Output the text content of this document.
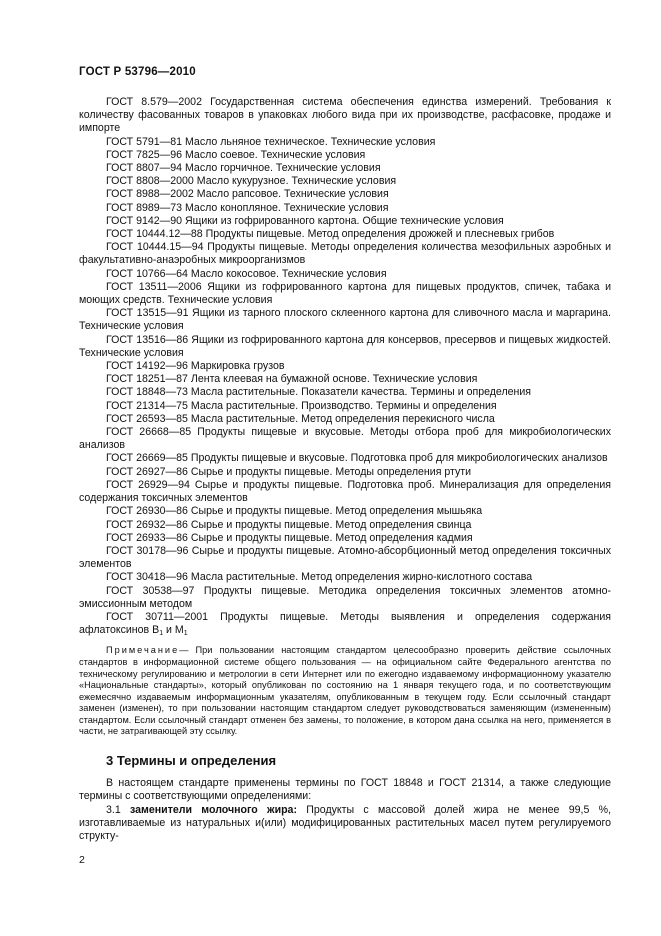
ГОСТ Р 53796—2010

ГОСТ 8.579—2002 Государственная система обеспечения единства измерений. Требования к количеству фасованных товаров в упаковках любого вида при их производстве, расфасовке, продаже и импорте

ГОСТ 5791—81 Масло льняное техническое. Технические условия

ГОСТ 7825—96 Масло соевое. Технические условия

ГОСТ 8807—94 Масло горчичное. Технические условия

ГОСТ 8808—2000 Масло кукурузное. Технические условия

ГОСТ 8988—2002 Масло рапсовое. Технические условия

ГОСТ 8989—73 Масло конопляное. Технические условия

ГОСТ 9142—90 Ящики из гофрированного картона. Общие технические условия

ГОСТ 10444.12—88 Продукты пищевые. Метод определения дрожжей и плесневых грибов

ГОСТ 10444.15—94 Продукты пищевые. Методы определения количества мезофильных аэробных и факультативно-анаэробных микроорганизмов

ГОСТ 10766—64 Масло кокосовое. Технические условия

ГОСТ 13511—2006 Ящики из гофрированного картона для пищевых продуктов, спичек, табака и моющих средств. Технические условия

ГОСТ 13515—91 Ящики из тарного плоского склеенного картона для сливочного масла и маргарина. Технические условия

ГОСТ 13516—86 Ящики из гофрированного картона для консервов, пресервов и пищевых жидкостей. Технические условия

ГОСТ 14192—96 Маркировка грузов

ГОСТ 18251—87 Лента клеевая на бумажной основе. Технические условия

ГОСТ 18848—73 Масла растительные. Показатели качества. Термины и определения

ГОСТ 21314—75 Масла растительные. Производство. Термины и определения

ГОСТ 26593—85 Масла растительные. Метод определения перекисного числа

ГОСТ 26668—85 Продукты пищевые и вкусовые. Методы отбора проб для микробиологических анализов

ГОСТ 26669—85 Продукты пищевые и вкусовые. Подготовка проб для микробиологических анализов

ГОСТ 26927—86 Сырье и продукты пищевые. Методы определения ртути

ГОСТ 26929—94 Сырье и продукты пищевые. Подготовка проб. Минерализация для определения содержания токсичных элементов

ГОСТ 26930—86 Сырье и продукты пищевые. Метод определения мышьяка

ГОСТ 26932—86 Сырье и продукты пищевые. Метод определения свинца

ГОСТ 26933—86 Сырье и продукты пищевые. Метод определения кадмия

ГОСТ 30178—96 Сырье и продукты пищевые. Атомно-абсорбционный метод определения токсичных элементов

ГОСТ 30418—96 Масла растительные. Метод определения жирно-кислотного состава

ГОСТ 30538—97 Продукты пищевые. Методика определения токсичных элементов атомно-эмиссионным методом

ГОСТ 30711—2001 Продукты пищевые. Методы выявления и определения содержания афлатоксинов $В_1$ и $М_1$

Примечание— При пользовании настоящим стандартом целесообразно проверить действие ссылочных стандартов в информационной системе общего пользования — на официальном сайте Федерального агентства по техническому регулированию и метрологии в сети Интернет или по ежегодно издаваемому информационному указателю «Национальные стандарты», который опубликован по состоянию на 1 января текущего года, и по соответствующим ежемесячно издаваемым информационным указателям, опубликованным в текущем году. Если ссылочный стандарт заменен (изменен), то при пользовании настоящим стандартом следует руководствоваться заменяющим (измененным) стандартом. Если ссылочный стандарт отменен без замены, то положение, в котором дана ссылка на него, применяется в части, не затрагивающей эту ссылку.

3 Термины и определения

В настоящем стандарте применены термины по ГОСТ 18848 и ГОСТ 21314, а также следующие термины с соответствующими определениями:

3.1 заменители молочного жира: Продукты с массовой долей жира не менее 99,5 %, изготавливаемые из натуральных и(или) модифицированных растительных масел путем регулируемого структу-

2
